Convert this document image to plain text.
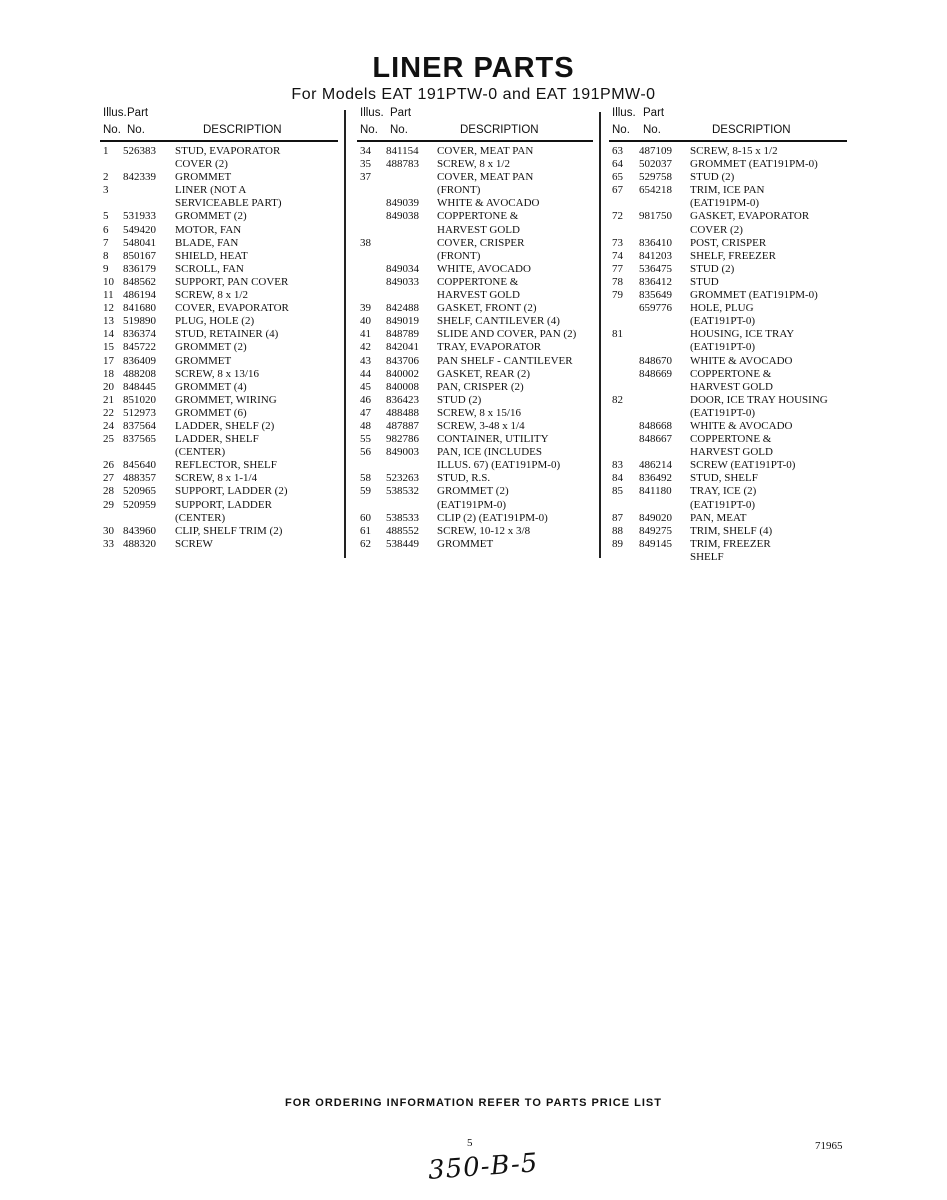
LINER PARTS
For Models EAT 191PTW-0 and EAT 191PMW-0
Illus. Part
No. No.	DESCRIPTION
1 526383 STUD, EVAPORATOR
COVER (2)
2 842339 GROMMET
3	LINER (NOT A
SERVICEABLE PART)
5 531933 GROMMET (2)
6 549420 MOTOR, FAN
7 548041 BLADE, FAN
8 850167 SHIELD, HEAT
9 836179 SCROLL, FAN
10 848562 SUPPORT, PAN COVER
11 486194 SCREW, 8 x 1/2
12 841680 COVER, EVAPORATOR
13 519890 PLUG, HOLE (2)
14 836374 STUD, RETAINER (4)
15 845722 GROMMET (2)
17 836409 GROMMET
18 488208 SCREW, 8 x 13/16
20 848445 GROMMET (4)
21 851020 GROMMET, WIRING
22 512973 GROMMET (6)
24 837564 LADDER, SHELF (2)
25 837565 LADDER, SHELF
(CENTER)
26 845640 REFLECTOR, SHELF
27 488357 SCREW, 8 x 1-1/4
28 520965 SUPPORT, LADDER (2)
29 520959 SUPPORT, LADDER
(CENTER)
30 843960 CLIP, SHELF TRIM (2)
33 488320 SCREW
Illus. Part
No. No.	DESCRIPTION
34 841154 COVER, MEAT PAN
35 488783 SCREW, 8 x 1/2
37	COVER, MEAT PAN
(FRONT)
849039 WHITE & AVOCADO
849038 COPPERTONE &
HARVEST GOLD
38	COVER, CRISPER
(FRONT)
849034 WHITE, AVOCADO
849033 COPPERTONE &
HARVEST GOLD
39 842488 GASKET, FRONT (2)
40 849019 SHELF, CANTILEVER (4)
41 848789 SLIDE AND COVER, PAN (2)
42 842041 TRAY, EVAPORATOR
43 843706 PAN SHELF - CANTILEVER
44 840002 GASKET, REAR (2)
45 840008 PAN, CRISPER (2)
46 836423 STUD (2)
47 488488 SCREW, 8 x 15/16
48 487887 SCREW, 3-48 x 1/4
55 982786 CONTAINER, UTILITY
56 849003 PAN, ICE (INCLUDES
ILLUS. 67) (EAT191PM-0)
58 523263 STUD, R.S.
59 538532 GROMMET (2)
(EAT191PM-0)
60 538533 CLIP (2) (EAT191PM-0)
61 488552 SCREW, 10-12 x 3/8
62 538449 GROMMET
Illus. Part
No. No.	DESCRIPTION
63 487109 SCREW, 8-15 x 1/2
64 502037 GROMMET (EAT191PM-0)
65 529758 STUD (2)
67 654218 TRIM, ICE PAN
(EAT191PM-0)
72 981750 GASKET, EVAPORATOR
COVER (2)
73 836410 POST, CRISPER
74 841203 SHELF, FREEZER
77 536475 STUD (2)
78 836412 STUD
79 835649 GROMMET (EAT191PM-0)
659776 HOLE, PLUG
(EAT191PT-0)
81	HOUSING, ICE TRAY
(EAT191PT-0)
848670 WHITE & AVOCADO
848669 COPPERTONE &
HARVEST GOLD
82	DOOR, ICE TRAY HOUSING
(EAT191PT-0)
848668 WHITE & AVOCADO
848667 COPPERTONE &
HARVEST GOLD
83 486214 SCREW (EAT191PT-0)
84 836492 STUD, SHELF
85 841180 TRAY, ICE (2)
(EAT191PT-0)
87 849020 PAN, MEAT
88 849275 TRIM, SHELF (4)
89 849145 TRIM, FREEZER
SHELF
FOR ORDERING INFORMATION REFER TO PARTS PRICE LIST
5	71965
350-B-5
